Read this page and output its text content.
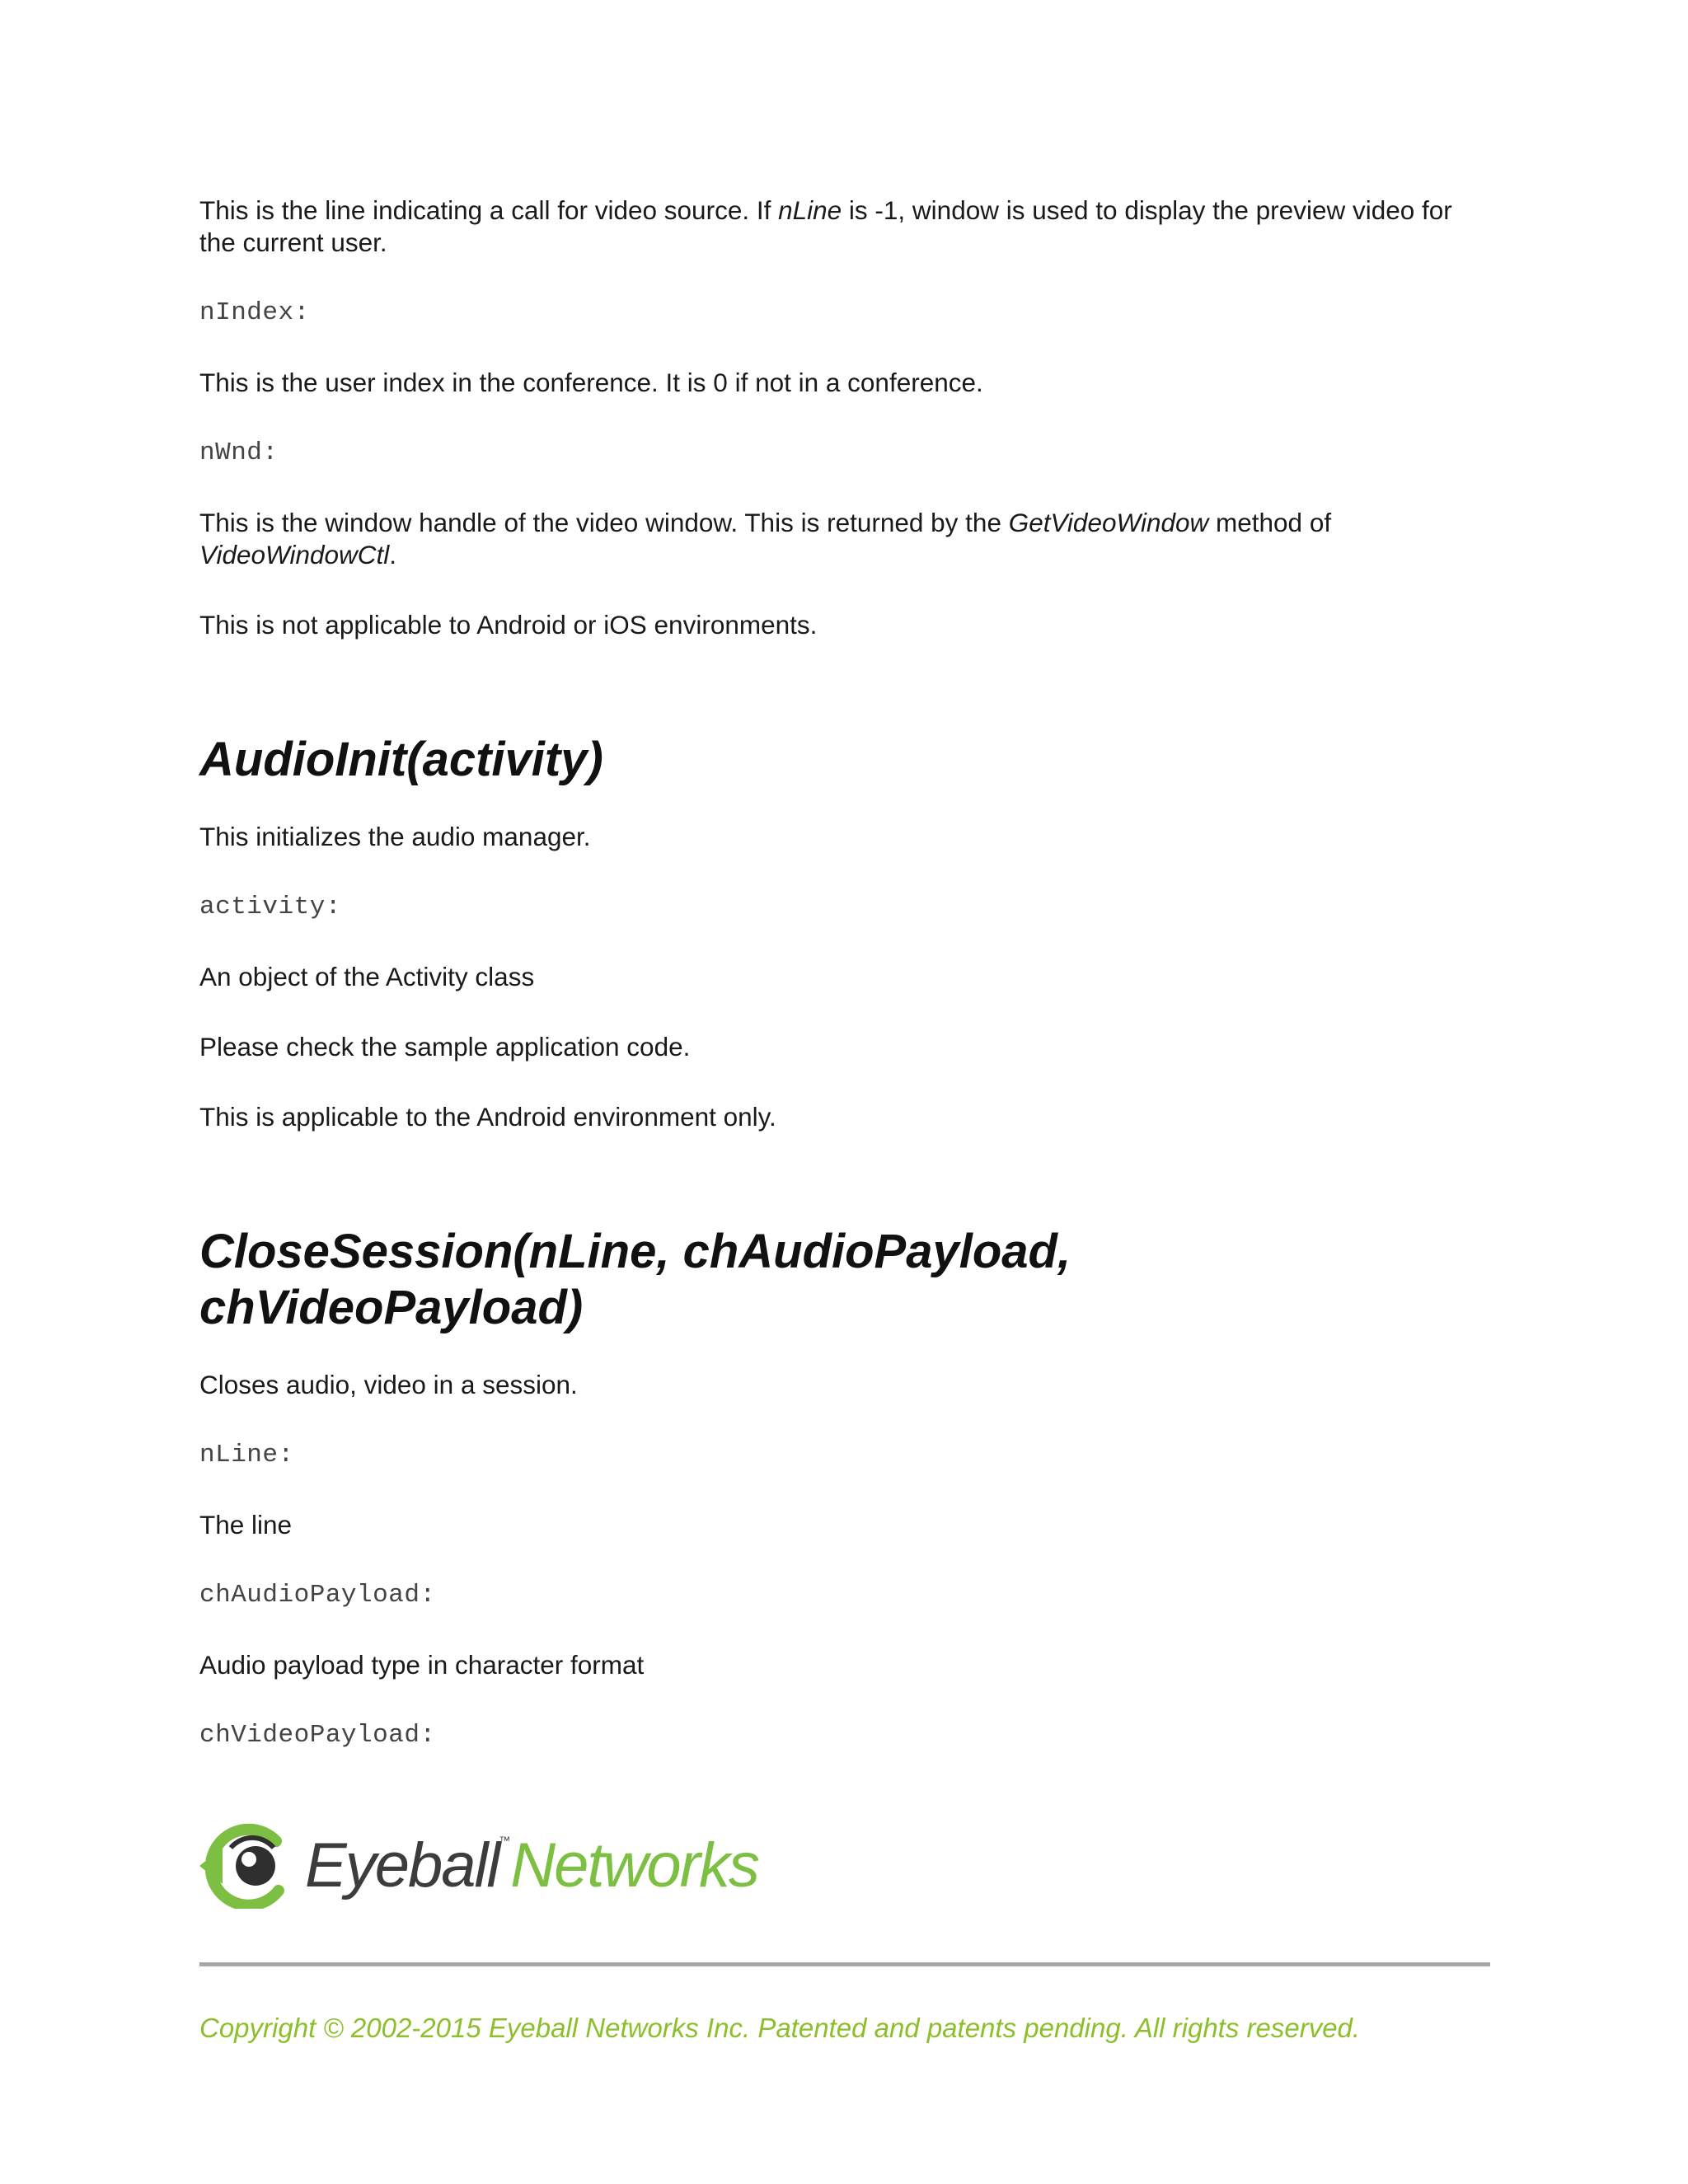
This is the line indicating a call for video source. If nLine is -1, window is used to display the preview video for the current user.

nIndex:

This is the user index in the conference. It is 0 if not in a conference.

nWnd:

This is the window handle of the video window. This is returned by the GetVideoWindow method of VideoWindowCtl.

This is not applicable to Android or iOS environments.

AudioInit(activity)

This initializes the audio manager.

activity:

An object of the Activity class

Please check the sample application code.

This is applicable to the Android environment only.

CloseSession(nLine, chAudioPayload,
chVideoPayload)

Closes audio, video in a session.

nLine:

The line

chAudioPayload:

Audio payload type in character format

chVideoPayload:

Eyeball™Networks
Copyright © 2002-2015 Eyeball Networks Inc. Patented and patents pending. All rights reserved.
